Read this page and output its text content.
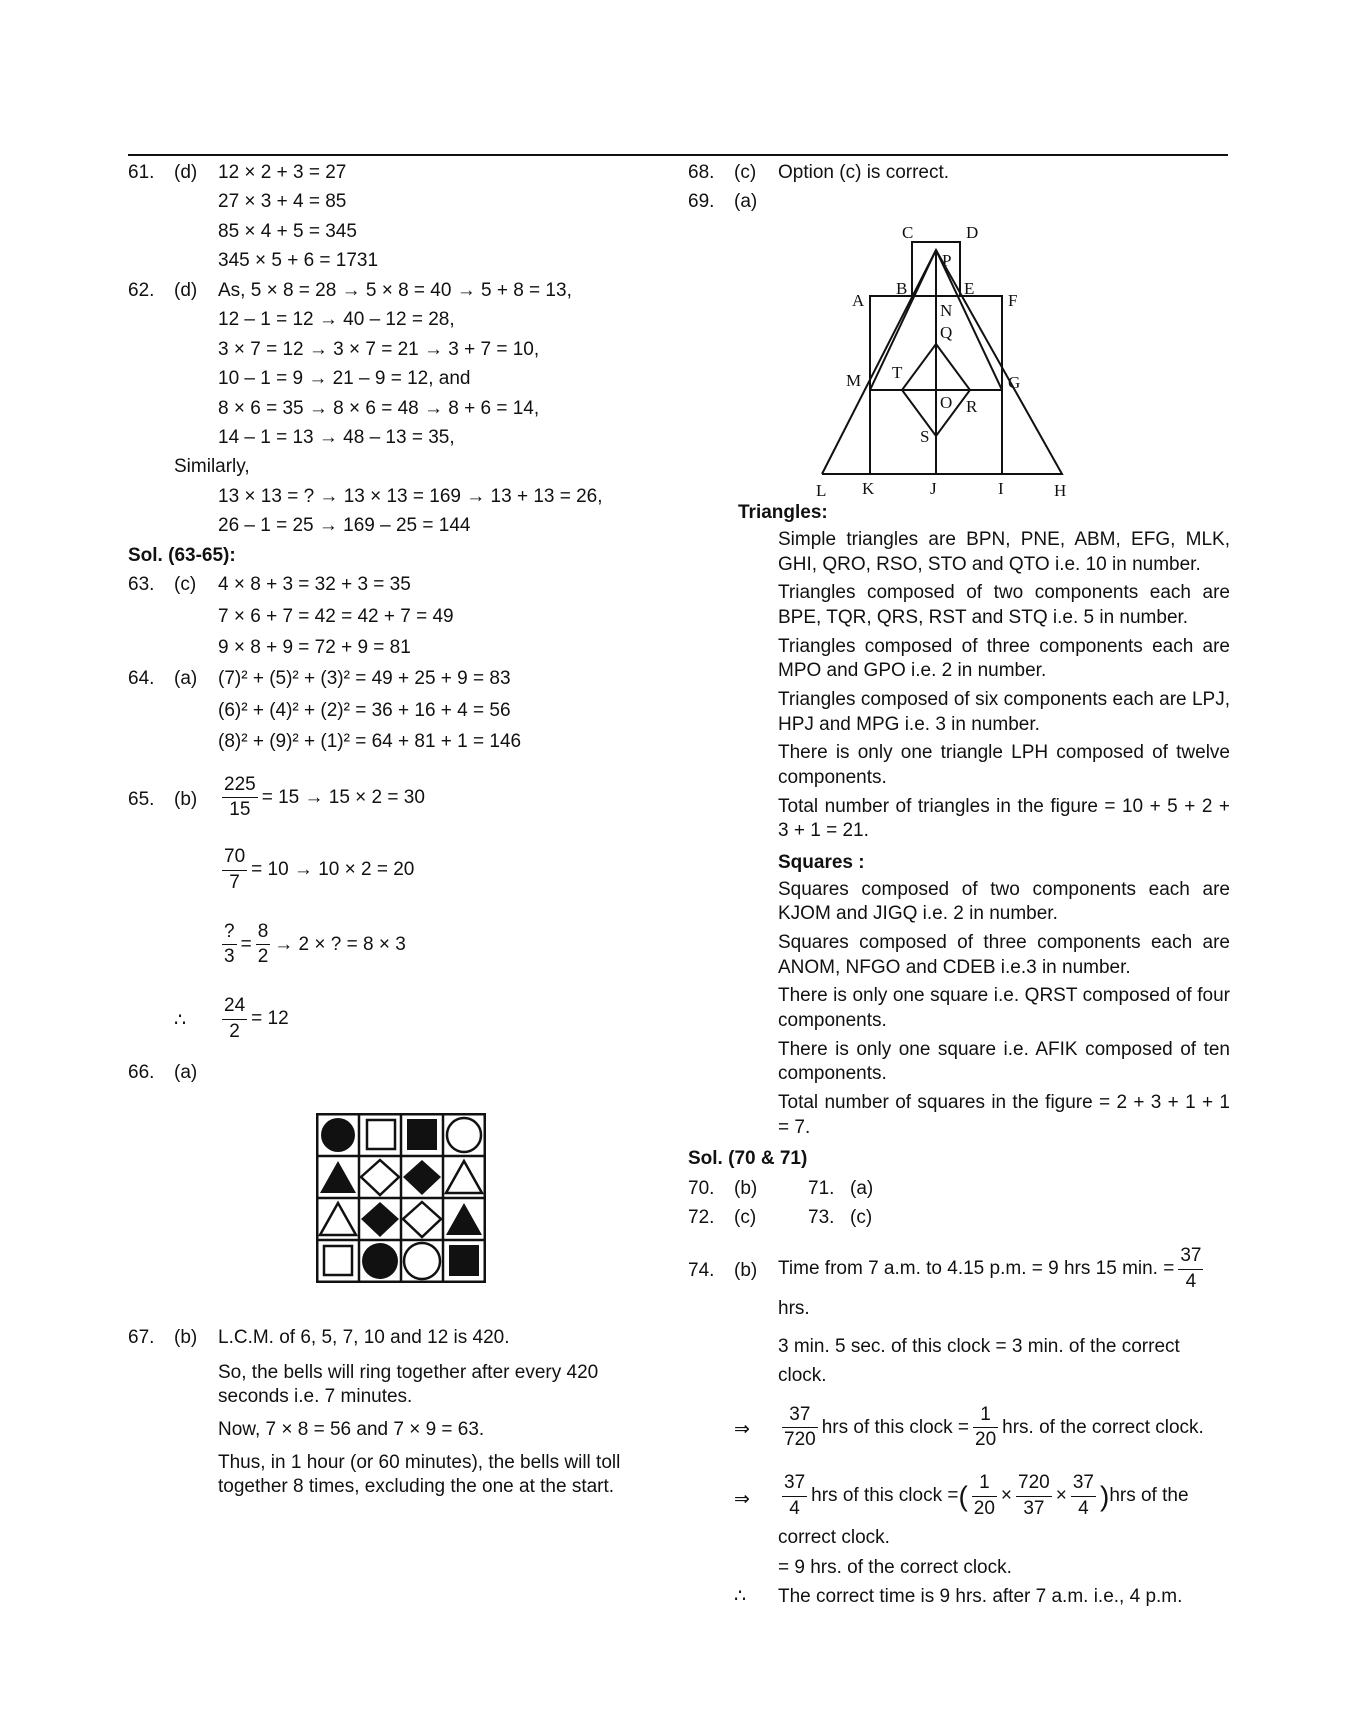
61.	(d)	12 × 2 + 3 = 27
27 × 3 + 4 = 85
85 × 4 + 5 = 345
345 × 5 + 6 = 1731
62.	(d)	As, 5 × 8 = 28 → 5 × 8 = 40 → 5 + 8 = 13,
12 – 1 = 12 → 40 – 12 = 28,
3 × 7 = 12 → 3 × 7 = 21 → 3 + 7 = 10,
10 – 1 = 9 → 21 – 9 = 12, and
8 × 6 = 35 → 8 × 6 = 48 → 8 + 6 = 14,
14 – 1 = 13 → 48 – 13 = 35,
Similarly,
13 × 13 = ? → 13 × 13 = 169 → 13 + 13 = 26,
26 – 1 = 25 → 169 – 25 = 144
Sol. (63-65):
63.	(c)	4 × 8 + 3 = 32 + 3 = 35
7 × 6 + 7 = 42 = 42 + 7 = 49
9 × 8 + 9 = 72 + 9 = 81
64.	(a)	(7)² + (5)² + (3)² = 49 + 25 + 9 = 83
(6)² + (4)² + (2)² = 36 + 16 + 4 = 56
(8)² + (9)² + (1)² = 64 + 81 + 1 = 146
65.	(b)	$\frac{225}{15} = 15 \to 15 \times 2 = 30$
$\frac{70}{7} = 10 \to 10 \times 2 = 20$
$\frac{?}{3} = \frac{8}{2} \to 2$ × ? = 8 × 3
∴	$\frac{24}{2} = 12$
66.	(a)
67.	(b)	L.C.M. of 6, 5, 7, 10 and 12 is 420.
So, the bells will ring together after every 420 seconds i.e. 7 minutes.
Now, 7 × 8 = 56 and 7 × 9 = 63.
Thus, in 1 hour (or 60 minutes), the bells will toll together 8 times, excluding the one at the start.
68.	(c)	Option (c) is correct.
69.	(a)
C	D
P
A
B	E
F
N
Q
M T
G
O R
S
L K	J	I	H
Triangles:
Simple triangles are BPN, PNE, ABM, EFG, MLK, GHI, QRO, RSO, STO and QTO i.e. 10 in number.
Triangles composed of two components each are BPE, TQR, QRS, RST and STQ i.e. 5 in number.
Triangles composed of three components each are MPO and GPO i.e. 2 in number.
Triangles composed of six components each are LPJ, HPJ and MPG i.e. 3 in number.
There is only one triangle LPH composed of twelve components.
Total number of triangles in the figure = 10 + 5 + 2 + 3 + 1 = 21.
Squares :
Squares composed of two components each are KJOM and JIGQ i.e. 2 in number.
Squares composed of three components each are ANOM, NFGO and CDEB i.e.3 in number.
There is only one square i.e. QRST composed of four components.
There is only one square i.e. AFIK composed of ten components.
Total number of squares in the figure = 2 + 3 + 1 + 1 = 7.
Sol. (70 & 71)
70.	(b)	71. (a)
72.	(c)	73. (c)
74.	(b)	Time from 7 a.m. to 4.15 p.m. = 9 hrs 15 min. = $\frac{37}{4}$
hrs.
3 min. 5 sec. of this clock = 3 min. of the correct clock.
⇒	$\frac{37}{720}$ hrs of this clock = $\frac{1}{20}$ hrs. of the correct clock.
⇒	$\frac{37}{4}$ hrs of this clock =( $\frac{1}{20} \times \frac{720}{37} \times \frac{37}{4} )hrs$ of the
correct clock.
= 9 hrs. of the correct clock.
∴	The correct time is 9 hrs. after 7 a.m. i.e., 4 p.m.
